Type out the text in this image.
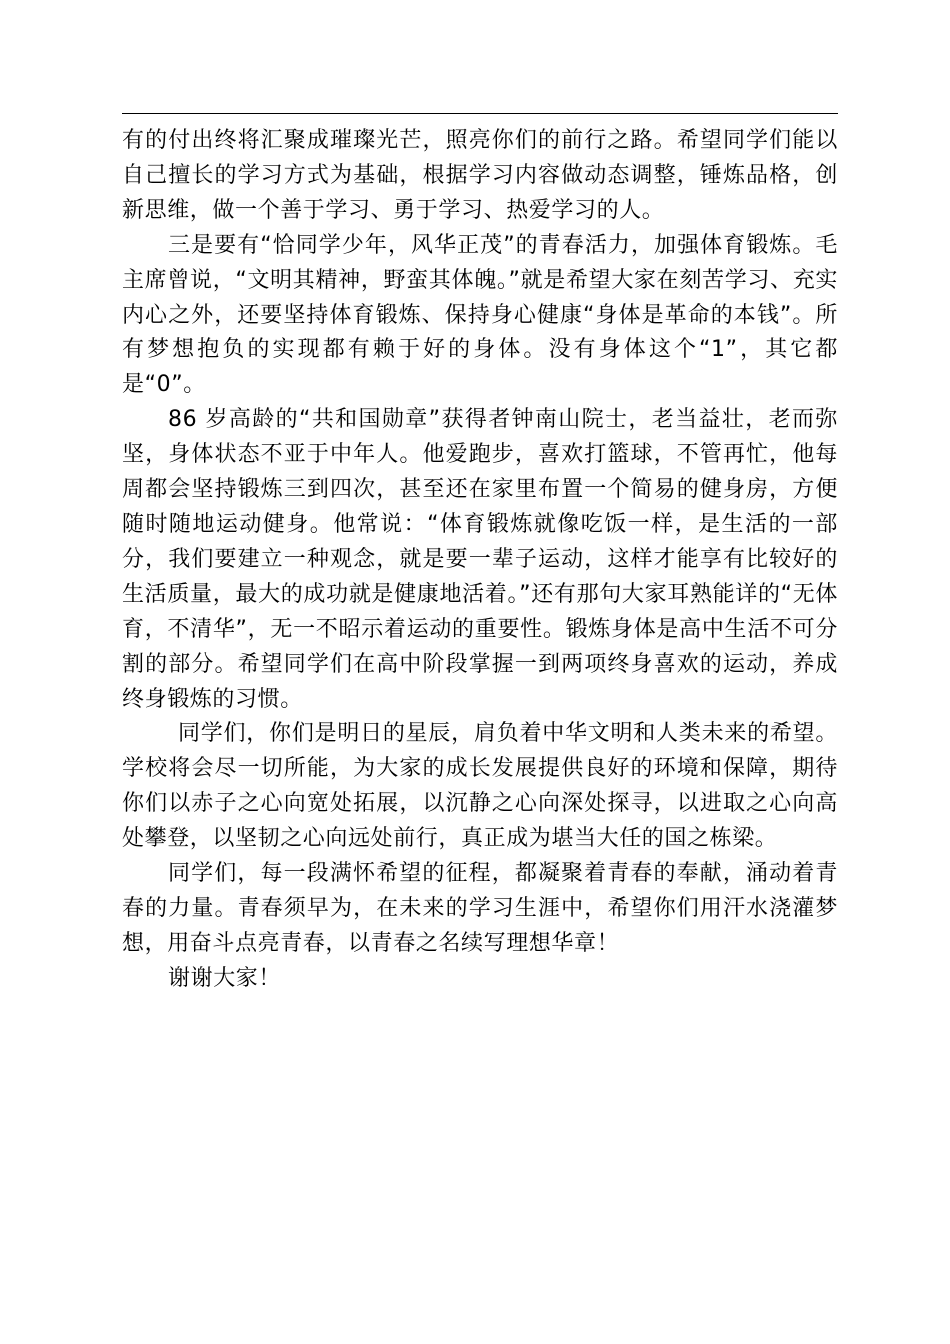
有的付出终将汇聚成璀璨光芒，照亮你们的前行之路。希望同学们能以自己擅长的学习方式为基础，根据学习内容做动态调整，锤炼品格，创新思维，做一个善于学习、勇于学习、热爱学习的人。

三是要有“恰同学少年，风华正茂”的青春活力，加强体育锻炼。毛主席曾说，“文明其精神，野蛮其体魄。”就是希望大家在刻苦学习、充实内心之外，还要坚持体育锻炼、保持身心健康“身体是革命的本钱”。所有梦想抱负的实现都有赖于好的身体。没有身体这个“1”，其它都是“0”。

86 岁高龄的“共和国勋章”获得者钟南山院士，老当益壮，老而弥坚，身体状态不亚于中年人。他爱跑步，喜欢打篮球，不管再忙，他每周都会坚持锻炼三到四次，甚至还在家里布置一个简易的健身房，方便随时随地运动健身。他常说：“体育锻炼就像吃饭一样，是生活的一部分，我们要建立一种观念，就是要一辈子运动，这样才能享有比较好的生活质量，最大的成功就是健康地活着。”还有那句大家耳熟能详的“无体育，不清华”，无一不昭示着运动的重要性。锻炼身体是高中生活不可分割的部分。希望同学们在高中阶段掌握一到两项终身喜欢的运动，养成终身锻炼的习惯。

同学们，你们是明日的星辰，肩负着中华文明和人类未来的希望。学校将会尽一切所能，为大家的成长发展提供良好的环境和保障，期待你们以赤子之心向宽处拓展，以沉静之心向深处探寻，以进取之心向高处攀登，以坚韧之心向远处前行，真正成为堪当大任的国之栋梁。

同学们，每一段满怀希望的征程，都凝聚着青春的奉献，涌动着青春的力量。青春须早为，在未来的学习生涯中，希望你们用汗水浇灌梦想，用奋斗点亮青春，以青春之名续写理想华章！

谢谢大家！
